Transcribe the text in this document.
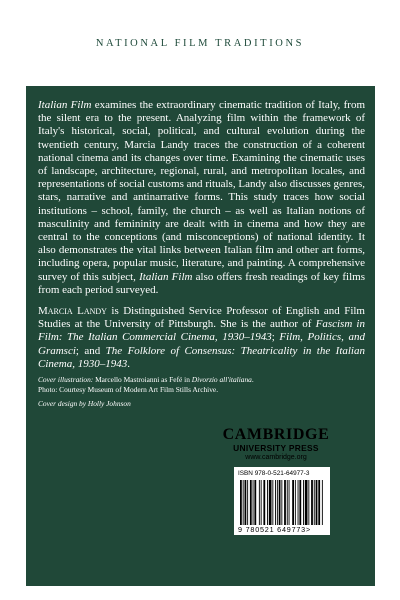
NATIONAL FILM TRADITIONS

Italian Film examines the extraordinary cinematic tradition of Italy, from the silent era to the present. Analyzing film within the framework of Italy's historical, social, political, and cultural evolution during the twentieth century, Marcia Landy traces the construction of a coherent national cinema and its changes over time. Examining the cinematic uses of landscape, architecture, regional, rural, and metropolitan locales, and representations of social customs and rituals, Landy also discusses genres, stars, narrative and antinarrative forms. This study traces how social institutions – school, family, the church – as well as Italian notions of masculinity and femininity are dealt with in cinema and how they are central to the conceptions (and misconceptions) of national identity. It also demonstrates the vital links between Italian film and other art forms, including opera, popular music, literature, and painting. A comprehensive survey of this subject, Italian Film also offers fresh readings of key films from each period surveyed.

Marcia Landy is Distinguished Service Professor of English and Film Studies at the University of Pittsburgh. She is the author of Fascism in Film: The Italian Commercial Cinema, 1930–1943; Film, Politics, and Gramsci; and The Folklore of Consensus: Theatricality in the Italian Cinema, 1930–1943.

Cover illustration: Marcello Mastroianni as Fefé in Divorzio all'italiana.
Photo: Courtesy Museum of Modern Art Film Stills Archive.
Cover design by Holly Johnson
CAMBRIDGE
UNIVERSITY PRESS
www.cambridge.org
ISBN 978-0-521-64977-3
9 780521 649773>
